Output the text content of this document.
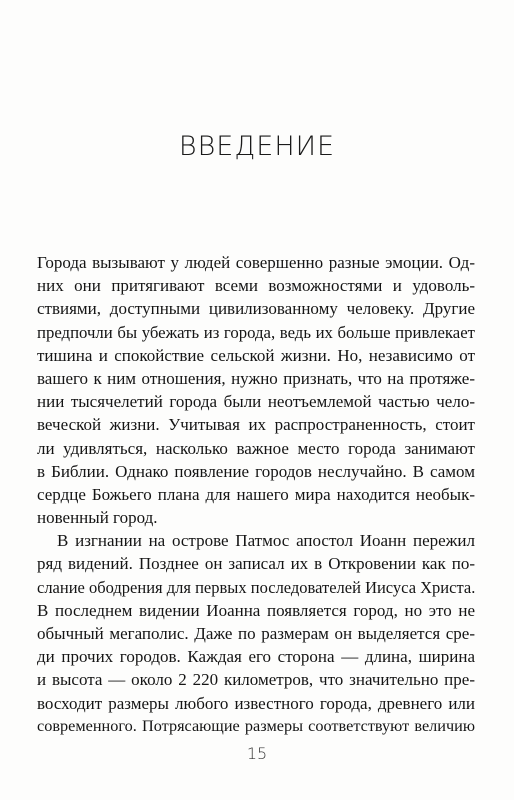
ВВЕДЕНИЕ

Города вызывают у людей совершенно разные эмоции. Од-
них они притягивают всеми возможностями и удоволь-
ствиями, доступными цивилизованному человеку. Другие
предпочли бы убежать из города, ведь их больше привлекает
тишина и спокойствие сельской жизни. Но, независимо от
вашего к ним отношения, нужно признать, что на протяже-
нии тысячелетий города были неотъемлемой частью чело-
веческой жизни. Учитывая их распространенность, стоит
ли удивляться, насколько важное место города занимают
в Библии. Однако появление городов неслучайно. В самом
сердце Божьего плана для нашего мира находится необык-
новенный город.

В изгнании на острове Патмос апостол Иоанн пережил
ряд видений. Позднее он записал их в Откровении как по-
слание ободрения для первых последователей Иисуса Христа.
В последнем видении Иоанна появляется город, но это не
обычный мегаполис. Даже по размерам он выделяется сре-
ди прочих городов. Каждая его сторона — длина, ширина
и высота — около 2 220 километров, что значительно пре-
восходит размеры любого известного города, древнего или
современного. Потрясающие размеры соответствуют величию

15
